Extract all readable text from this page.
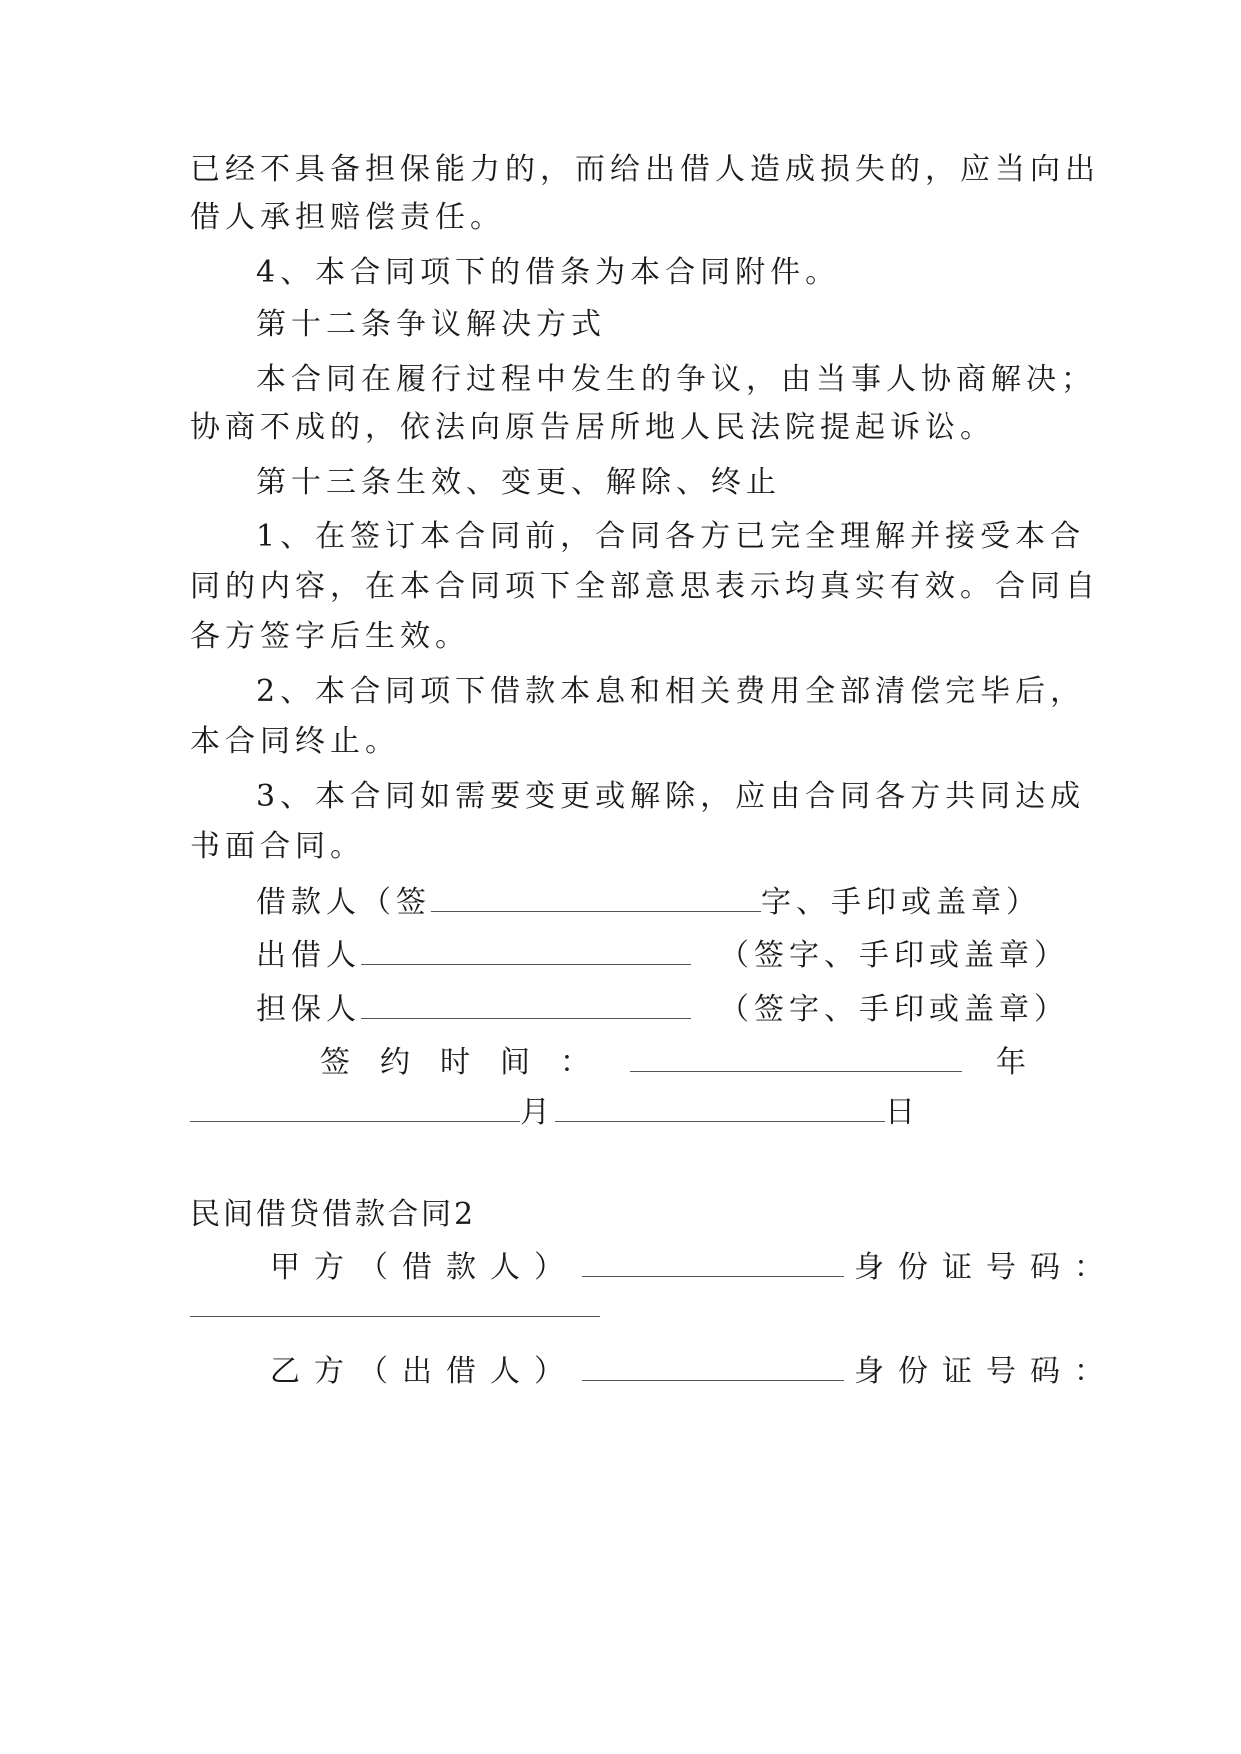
已经不具备担保能力的，而给出借人造成损失的，应当向出
借人承担赔偿责任。
4、本合同项下的借条为本合同附件。
第十二条争议解决方式
本合同在履行过程中发生的争议，由当事人协商解决；
协商不成的，依法向原告居所地人民法院提起诉讼。
第十三条生效、变更、解除、终止
1、在签订本合同前，合同各方已完全理解并接受本合
同的内容，在本合同项下全部意思表示均真实有效。合同自
各方签字后生效。
2、本合同项下借款本息和相关费用全部清偿完毕后，
本合同终止。
3、本合同如需要变更或解除，应由合同各方共同达成
书面合同。
借款人（签	字、手印或盖章）
出借人	（签字、手印或盖章）
担保人	（签字、手印或盖章）
签约时间：	年
月	日
民间借贷借款合同2
甲方（借款人）	身份证号码：
乙方（出借人）	身份证号码：
